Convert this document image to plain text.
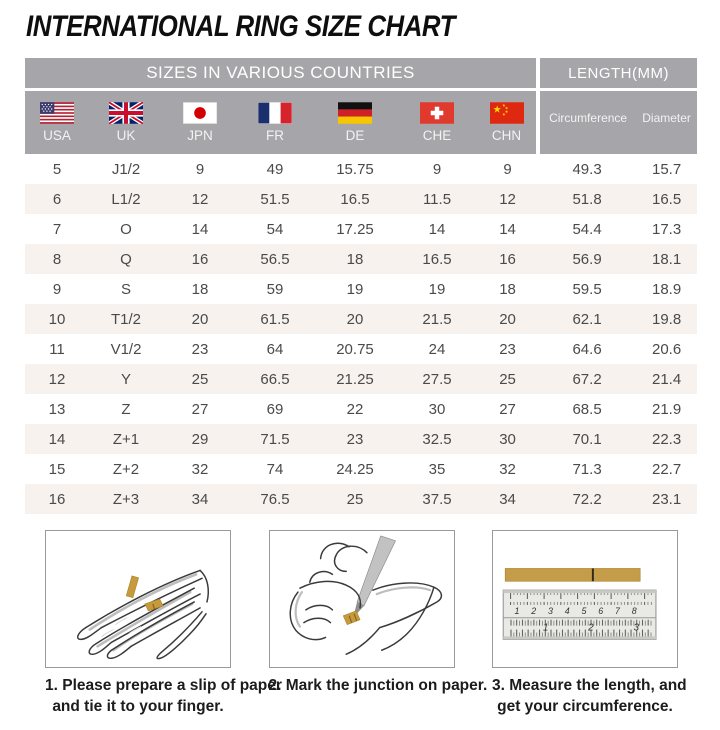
INTERNATIONAL RING SIZE CHART
SIZES IN VARIOUS COUNTRIES							LENGTH(MM)	

USA	UK	JPN	FR	DE	CHE	CHN	Circumference	Diameter
5	J1/2	9	49	15.75	9	9	49.3	15.7
6	L1/2	12	51.5	16.5	11.5	12	51.8	16.5
7	O	14	54	17.25	14	14	54.4	17.3
8	Q	16	56.5	18	16.5	16	56.9	18.1
9	S	18	59	19	19	18	59.5	18.9
10	T1/2	20	61.5	20	21.5	20	62.1	19.8
11	V1/2	23	64	20.75	24	23	64.6	20.6
12	Y	25	66.5	21.25	27.5	25	67.2	21.4
13	Z	27	69	22	30	27	68.5	21.9
14	Z+1	29	71.5	23	32.5	30	70.1	22.3
15	Z+2	32	74	24.25	35	32	71.3	22.7
16	Z+3	34	76.5	25	37.5	34	72.2	23.1
1. Please prepare a slip of paper
and tie it to your finger.
2. Mark the junction on paper.
1 2 3 4 5 6 7 8
1	2	3
3. Measure the length, and
get your circumference.
